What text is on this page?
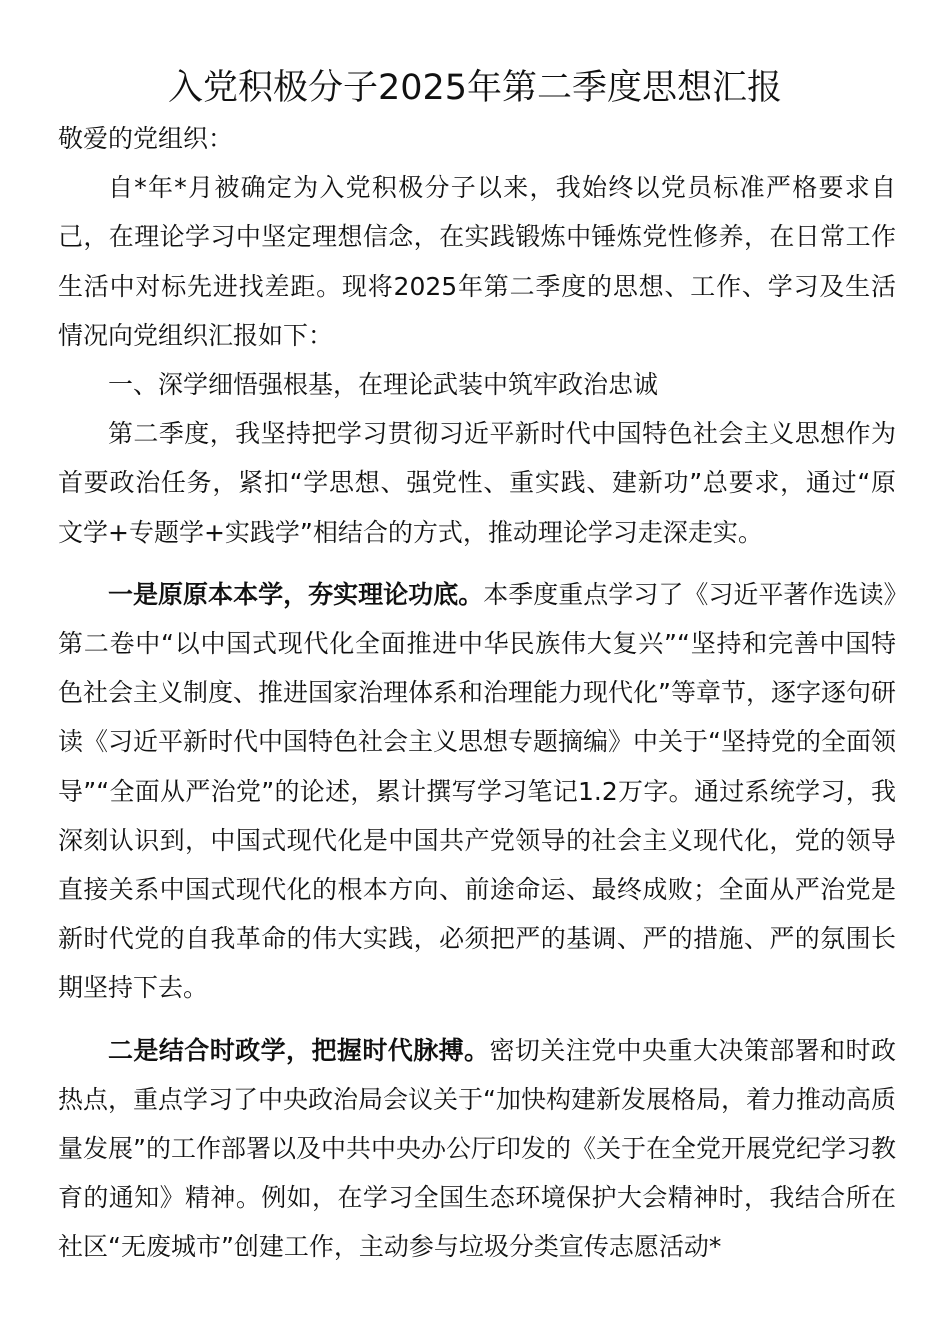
入党积极分子2025年第二季度思想汇报

敬爱的党组织：

自*年*月被确定为入党积极分子以来，我始终以党员标准严格要求自己，在理论学习中坚定理想信念，在实践锻炼中锤炼党性修养，在日常工作生活中对标先进找差距。现将2025年第二季度的思想、工作、学习及生活情况向党组织汇报如下：

一、深学细悟强根基，在理论武装中筑牢政治忠诚

第二季度，我坚持把学习贯彻习近平新时代中国特色社会主义思想作为首要政治任务，紧扣“学思想、强党性、重实践、建新功”总要求，通过“原文学+专题学+实践学”相结合的方式，推动理论学习走深走实。

一是原原本本学，夯实理论功底。本季度重点学习了《习近平著作选读》第二卷中“以中国式现代化全面推进中华民族伟大复兴”“坚持和完善中国特色社会主义制度、推进国家治理体系和治理能力现代化”等章节，逐字逐句研读《习近平新时代中国特色社会主义思想专题摘编》中关于“坚持党的全面领导”“全面从严治党”的论述，累计撰写学习笔记1.2万字。通过系统学习，我深刻认识到，中国式现代化是中国共产党领导的社会主义现代化，党的领导直接关系中国式现代化的根本方向、前途命运、最终成败；全面从严治党是新时代党的自我革命的伟大实践，必须把严的基调、严的措施、严的氛围长期坚持下去。

二是结合时政学，把握时代脉搏。密切关注党中央重大决策部署和时政热点，重点学习了中央政治局会议关于“加快构建新发展格局，着力推动高质量发展”的工作部署以及中共中央办公厅印发的《关于在全党开展党纪学习教育的通知》精神。例如，在学习全国生态环境保护大会精神时，我结合所在社区“无废城市”创建工作，主动参与垃圾分类宣传志愿活动*
